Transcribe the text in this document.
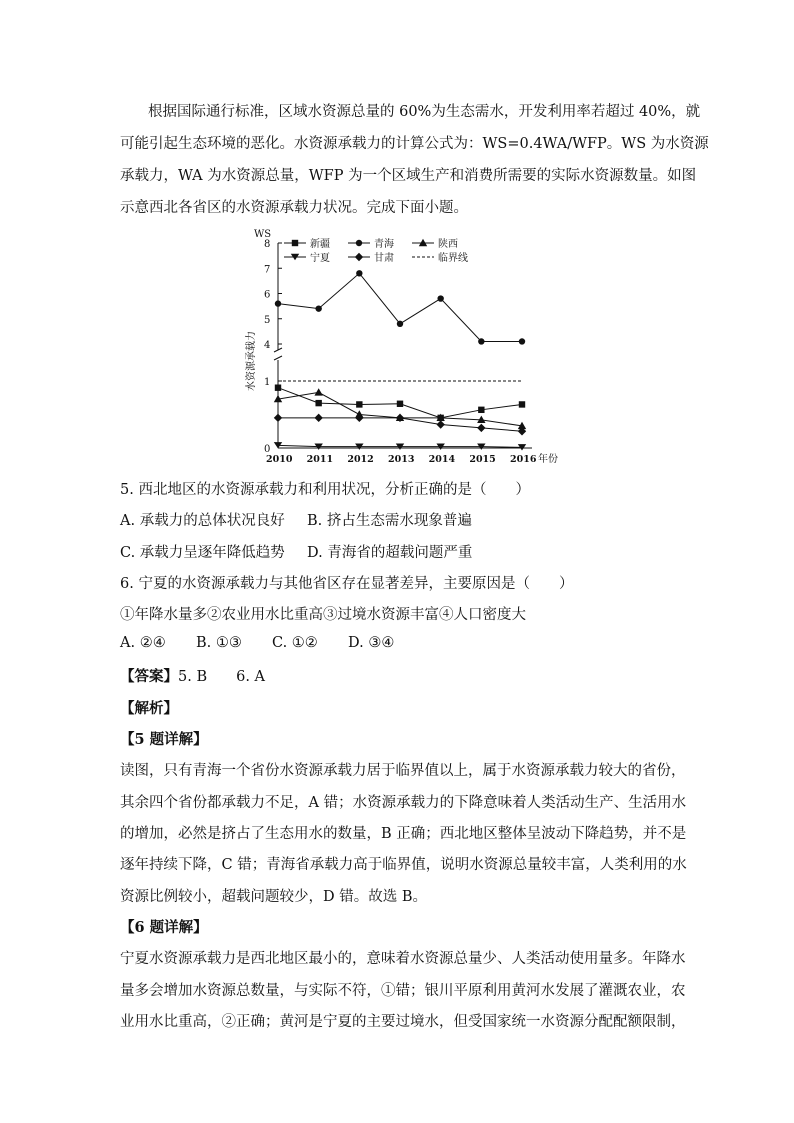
根据国际通行标准，区域水资源总量的 60%为生态需水，开发利用率若超过 40%，就
可能引起生态环境的恶化。水资源承载力的计算公式为：WS=0.4WA/WFP。WS 为水资源
承载力，WA 为水资源总量，WFP 为一个区域生产和消费所需要的实际水资源数量。如图
示意西北各省区的水资源承载力状况。完成下面小题。
8
7
6
5
4
1
0
WS
水资源承载力
2010 2011 2012 2013 2014 2015 2016 年份
新疆	青海	陕西
宁夏	甘肃	临界线
5. 西北地区的水资源承载力和利用状况，分析正确的是（　　）
A. 承载力的总体状况良好 B. 挤占生态需水现象普遍
C. 承载力呈逐年降低趋势 D. 青海省的超载问题严重
6. 宁夏的水资源承载力与其他省区存在显著差异，主要原因是（　　）
①年降水量多②农业用水比重高③过境水资源丰富④人口密度大
A. ②④ B. ①③ C. ①② D. ③④
【答案】5. B　　6. A
【解析】
【5 题详解】
读图，只有青海一个省份水资源承载力居于临界值以上，属于水资源承载力较大的省份，
其余四个省份都承载力不足，A 错；水资源承载力的下降意味着人类活动生产、生活用水
的增加，必然是挤占了生态用水的数量，B 正确；西北地区整体呈波动下降趋势，并不是
逐年持续下降，C 错；青海省承载力高于临界值，说明水资源总量较丰富，人类利用的水
资源比例较小，超载问题较少，D 错。故选 B。
【6 题详解】
宁夏水资源承载力是西北地区最小的，意味着水资源总量少、人类活动使用量多。年降水
量多会增加水资源总数量，与实际不符，①错；银川平原利用黄河水发展了灌溉农业，农
业用水比重高，②正确；黄河是宁夏的主要过境水，但受国家统一水资源分配配额限制，
